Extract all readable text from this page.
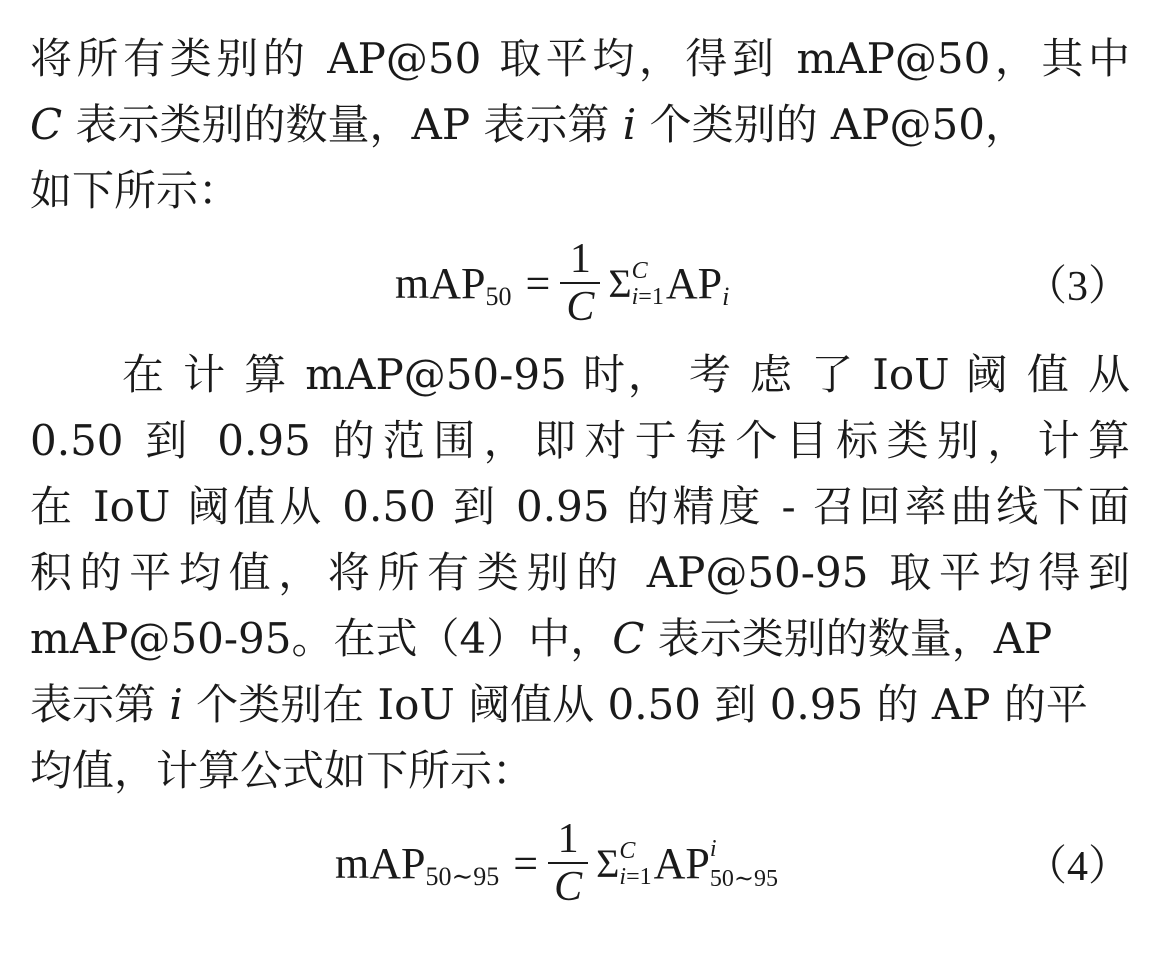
将所有类别的 AP@50 取平均，得到 mAP@50，其中

C 表示类别的数量，AP 表示第 i 个类别的 AP@50，

如下所示：

mAP $50 = \frac{1}{C}$ Σ C
i=1 AP i	（3）

在 计 算 mAP@50-95 时， 考 虑 了 IoU 阈 值 从

0.50 到 0.95 的范围，即对于每个目标类别，计算

在 IoU 阈值从 0.50 到 0.95 的精度 - 召回率曲线下面

积的平均值，将所有类别的 AP@50-95 取平均得到

mAP@50-95。在式（4）中，C 表示类别的数量，AP

表示第 i 个类别在 IoU 阈值从 0.50 到 0.95 的 AP 的平

均值，计算公式如下所示：

mAP 50∼95 = $\frac{1}{C}$ Σ C
i=1 AP i
50∼95	（4）
